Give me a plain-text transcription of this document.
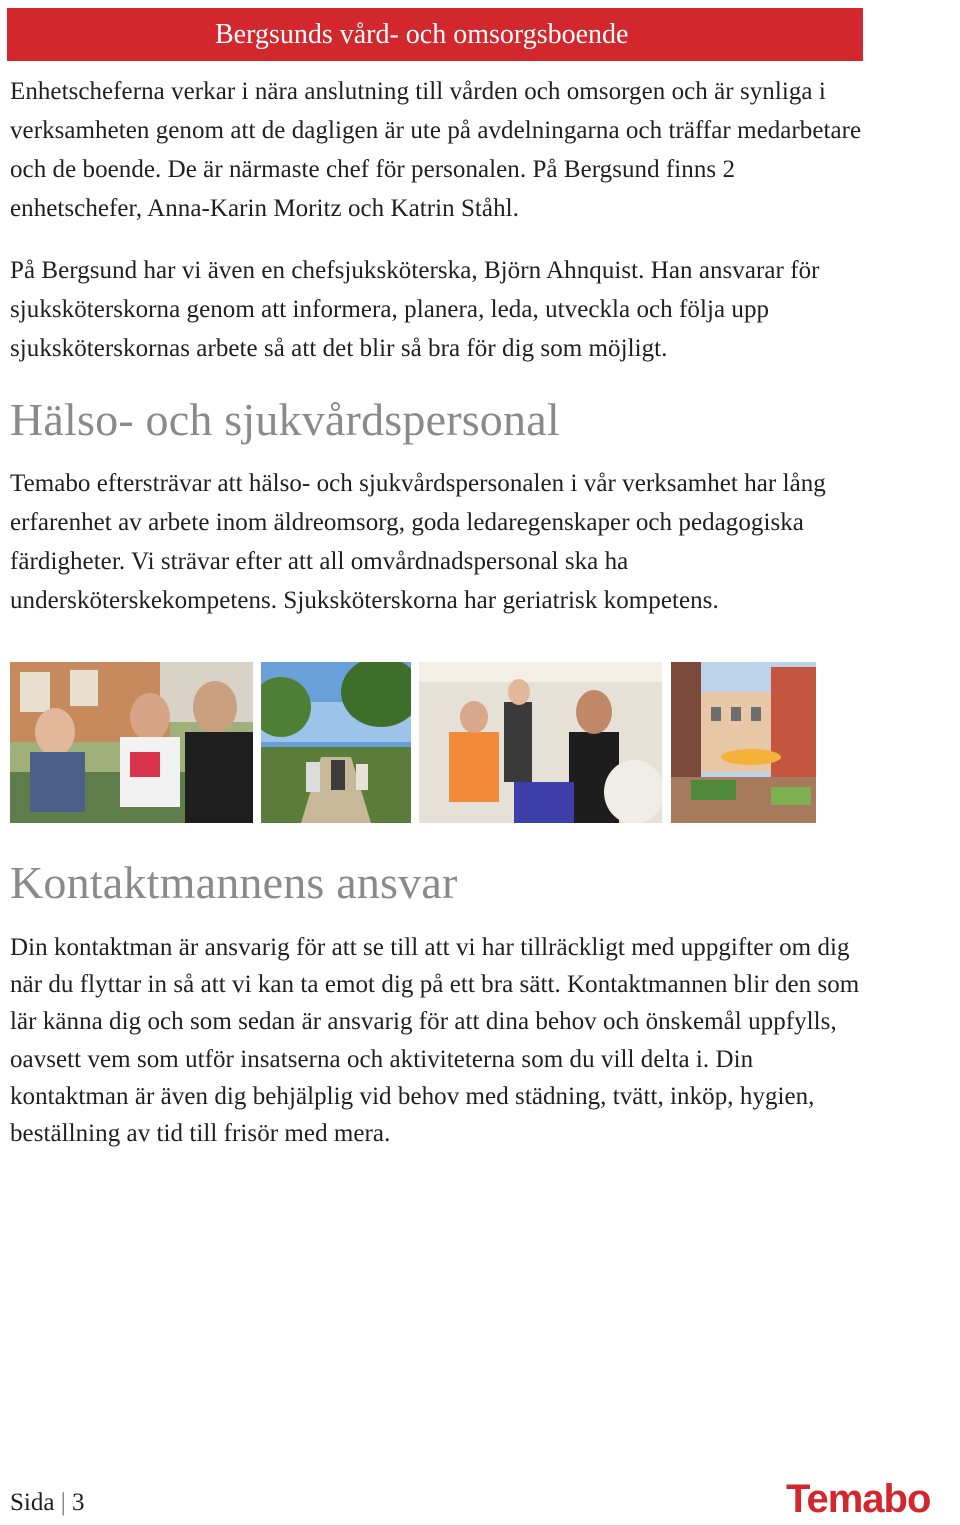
Bergsunds vård- och omsorgsboende

Enhetscheferna verkar i nära anslutning till vården och omsorgen och är synliga i verksamheten genom att de dagligen är ute på avdelningarna och träffar medarbetare och de boende. De är närmaste chef för personalen. På Bergsund finns 2 enhetschefer, Anna-Karin Moritz och Katrin Ståhl.

På Bergsund har vi även en chefsjuksköterska, Björn Ahnquist. Han ansvarar för sjuksköterskorna genom att informera, planera, leda, utveckla och följa upp sjuksköterskornas arbete så att det blir så bra för dig som möjligt.

Hälso- och sjukvårdspersonal

Temabo eftersträvar att hälso- och sjukvårdspersonalen i vår verksamhet har lång erfarenhet av arbete inom äldreomsorg, goda ledaregenskaper och pedagogiska färdigheter. Vi strävar efter att all omvårdnadspersonal ska ha undersköterskekompetens. Sjuksköterskorna har geriatrisk kompetens.

Kontaktmannens ansvar

Din kontaktman är ansvarig för att se till att vi har tillräckligt med uppgifter om dig när du flyttar in så att vi kan ta emot dig på ett bra sätt. Kontaktmannen blir den som lär känna dig och som sedan är ansvarig för att dina behov och önskemål uppfylls, oavsett vem som utför insatserna och aktiviteterna som du vill delta i. Din kontaktman är även dig behjälplig vid behov med städning, tvätt, inköp, hygien, beställning av tid till frisör med mera.

Sida | 3	Temabo
